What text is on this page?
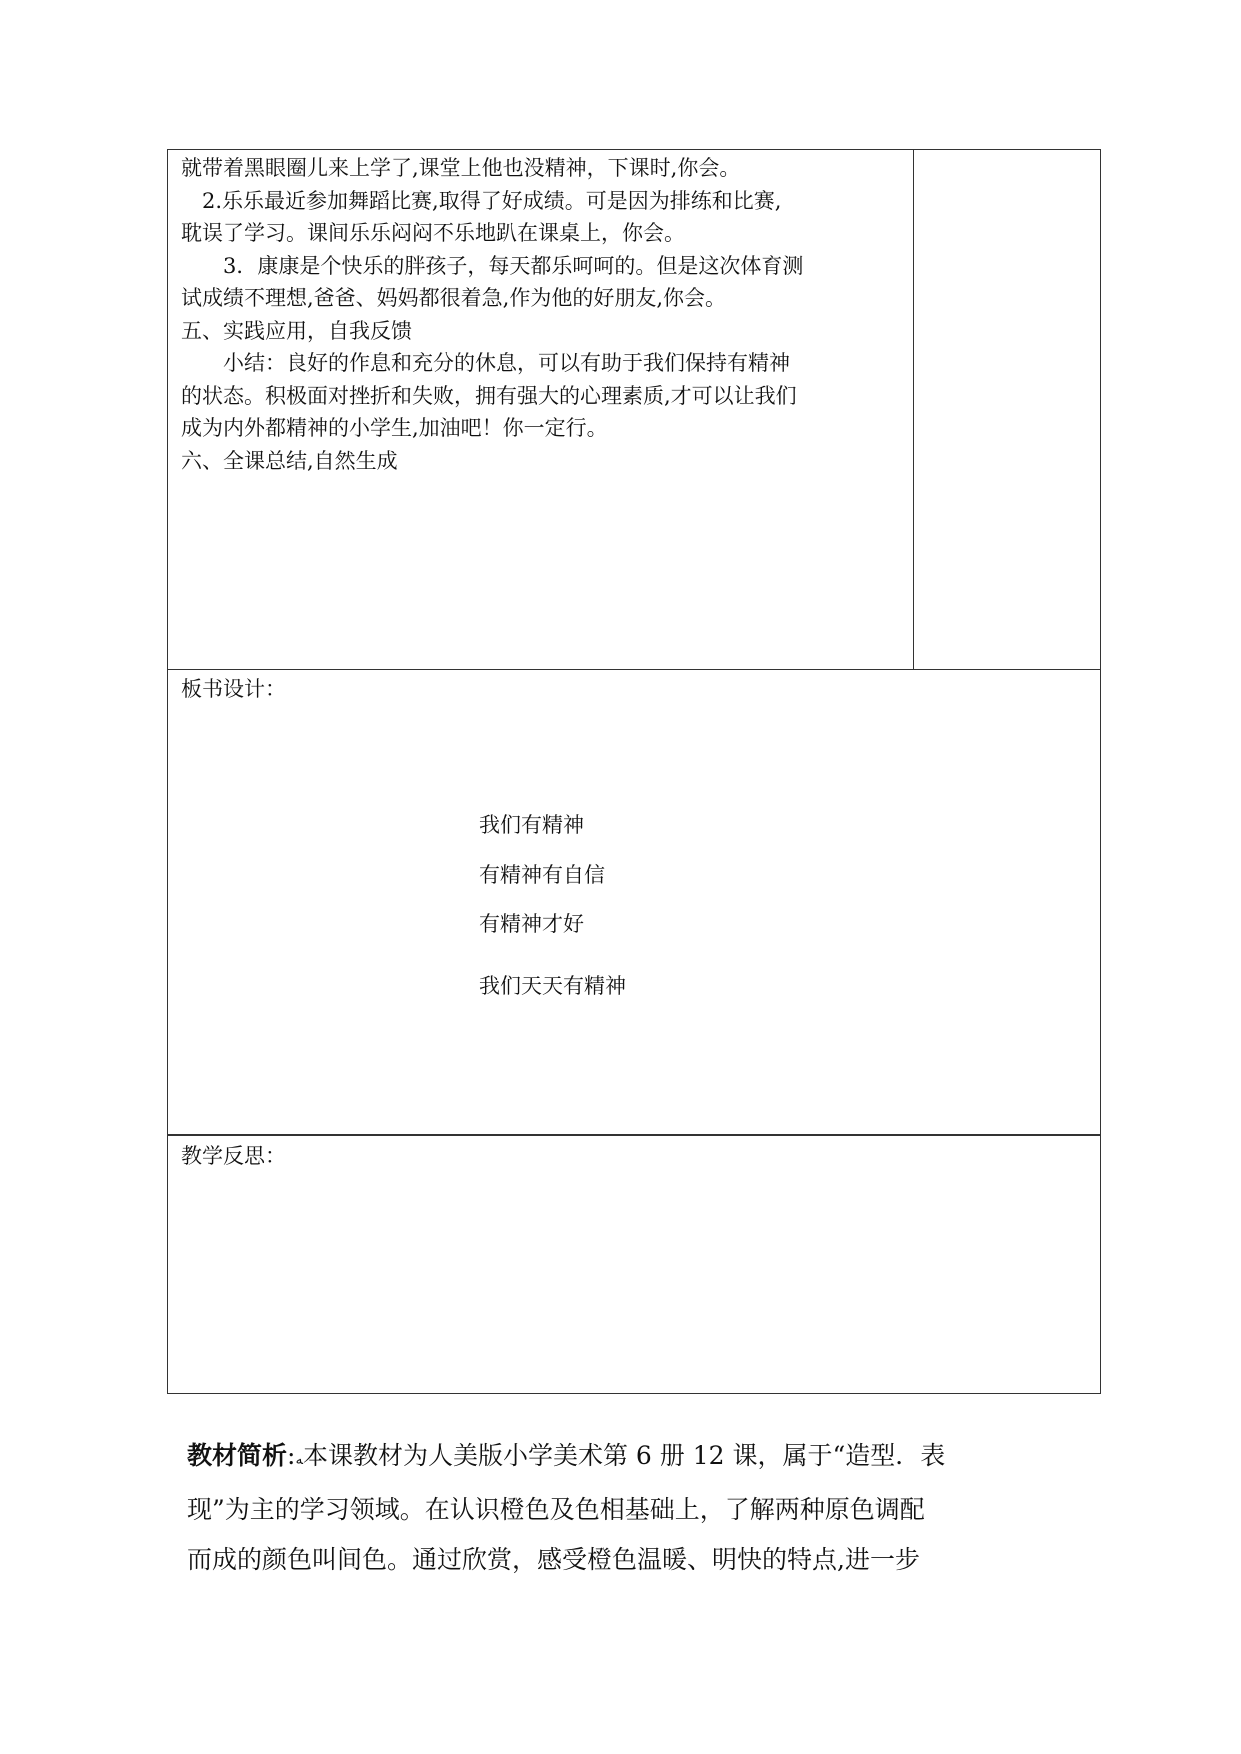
就带着黑眼圈儿来上学了,课堂上他也没精神，下课时,你会。

2.乐乐最近参加舞蹈比赛,取得了好成绩。可是因为排练和比赛,

耽误了学习。课间乐乐闷闷不乐地趴在课桌上，你会。

3．康康是个快乐的胖孩子，每天都乐呵呵的。但是这次体育测

试成绩不理想,爸爸、妈妈都很着急,作为他的好朋友,你会。

五、实践应用，自我反馈

小结：良好的作息和充分的休息，可以有助于我们保持有精神

的状态。积极面对挫折和失败，拥有强大的心理素质,才可以让我们

成为内外都精神的小学生,加油吧！你一定行。

六、全课总结,自然生成

板书设计：

我们有精神

有精神有自信

有精神才好

我们天天有精神

教学反思：

教材简析:ﻪ本课教材为人美版小学美术第 6 册 12 课，属于“造型．表

现”为主的学习领域。在认识橙色及色相基础上，了解两种原色调配

而成的颜色叫间色。通过欣赏，感受橙色温暖、明快的特点,进一步
